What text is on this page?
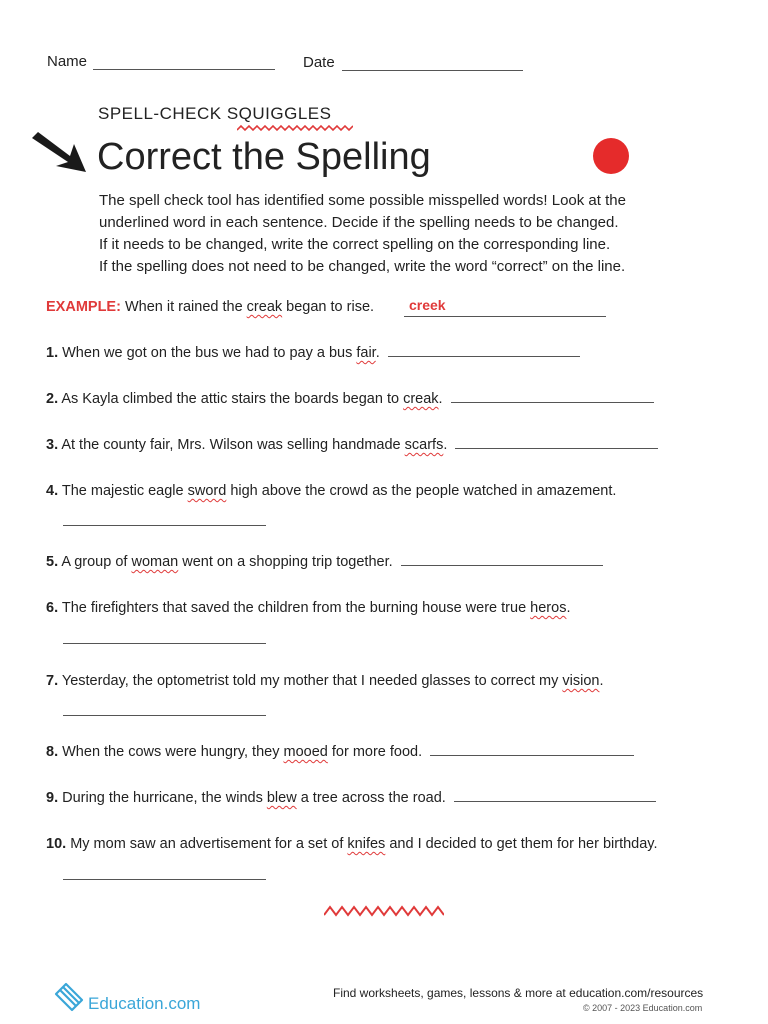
Name	Date
SPELL-CHECK SQUIGGLES
Correct the Spelling

The spell check tool has identified some possible misspelled words! Look at the

underlined word in each sentence. Decide if the spelling needs to be changed.

If it needs to be changed, write the correct spelling on the corresponding line.

If the spelling does not need to be changed, write the word “correct” on the line.

EXAMPLE: When it rained the creak began to rise. creek
1. When we got on the bus we had to pay a bus fair.
2. As Kayla climbed the attic stairs the boards began to creak.
3. At the county fair, Mrs. Wilson was selling handmade scarfs.
4. The majestic eagle sword high above the crowd as the people watched in amazement.
5. A group of woman went on a shopping trip together.
6. The firefighters that saved the children from the burning house were true heros.
7. Yesterday, the optometrist told my mother that I needed glasses to correct my vision.
8. When the cows were hungry, they mooed for more food.
9. During the hurricane, the winds blew a tree across the road.
10. My mom saw an advertisement for a set of knifes and I decided to get them for her birthday.
Education.com
Find worksheets, games, lessons & more at education.com/resources
© 2007 - 2023 Education.com
